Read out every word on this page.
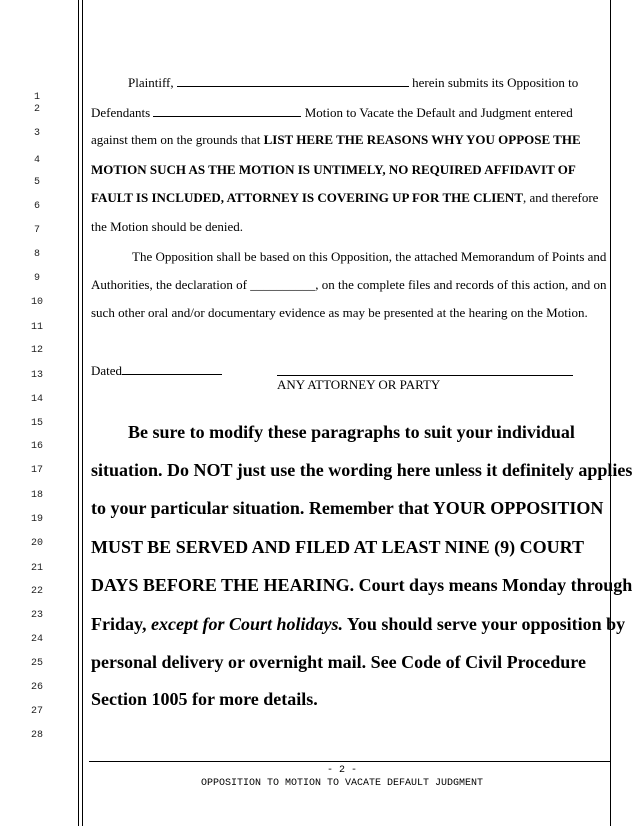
1
2
3
4
5
6
7
8
9
10
11
12
13
14
15
16
17
18
19
20
21
22
23
24
25
26
27
28
Plaintiff,	herein submits its Opposition to
Defendants	Motion to Vacate the Default and Judgment entered
against them on the grounds that LIST HERE THE REASONS WHY YOU OPPOSE THE
MOTION SUCH AS THE MOTION IS UNTIMELY, NO REQUIRED AFFIDAVIT OF
FAULT IS INCLUDED, ATTORNEY IS COVERING UP FOR THE CLIENT, and therefore
the Motion should be denied.
The Opposition shall be based on this Opposition, the attached Memorandum of Points and
Authorities, the declaration of __________, on the complete files and records of this action, and on
such other oral and/or documentary evidence as may be presented at the hearing on the Motion.
Dated
ANY ATTORNEY OR PARTY
Be sure to modify these paragraphs to suit your individual
situation. Do NOT just use the wording here unless it definitely applies
to your particular situation. Remember that YOUR OPPOSITION
MUST BE SERVED AND FILED AT LEAST NINE (9) COURT
DAYS BEFORE THE HEARING. Court days means Monday through
Friday, except for Court holidays. You should serve your opposition by
personal delivery or overnight mail. See Code of Civil Procedure
Section 1005 for more details.
- 2 -
OPPOSITION TO MOTION TO VACATE DEFAULT JUDGMENT
